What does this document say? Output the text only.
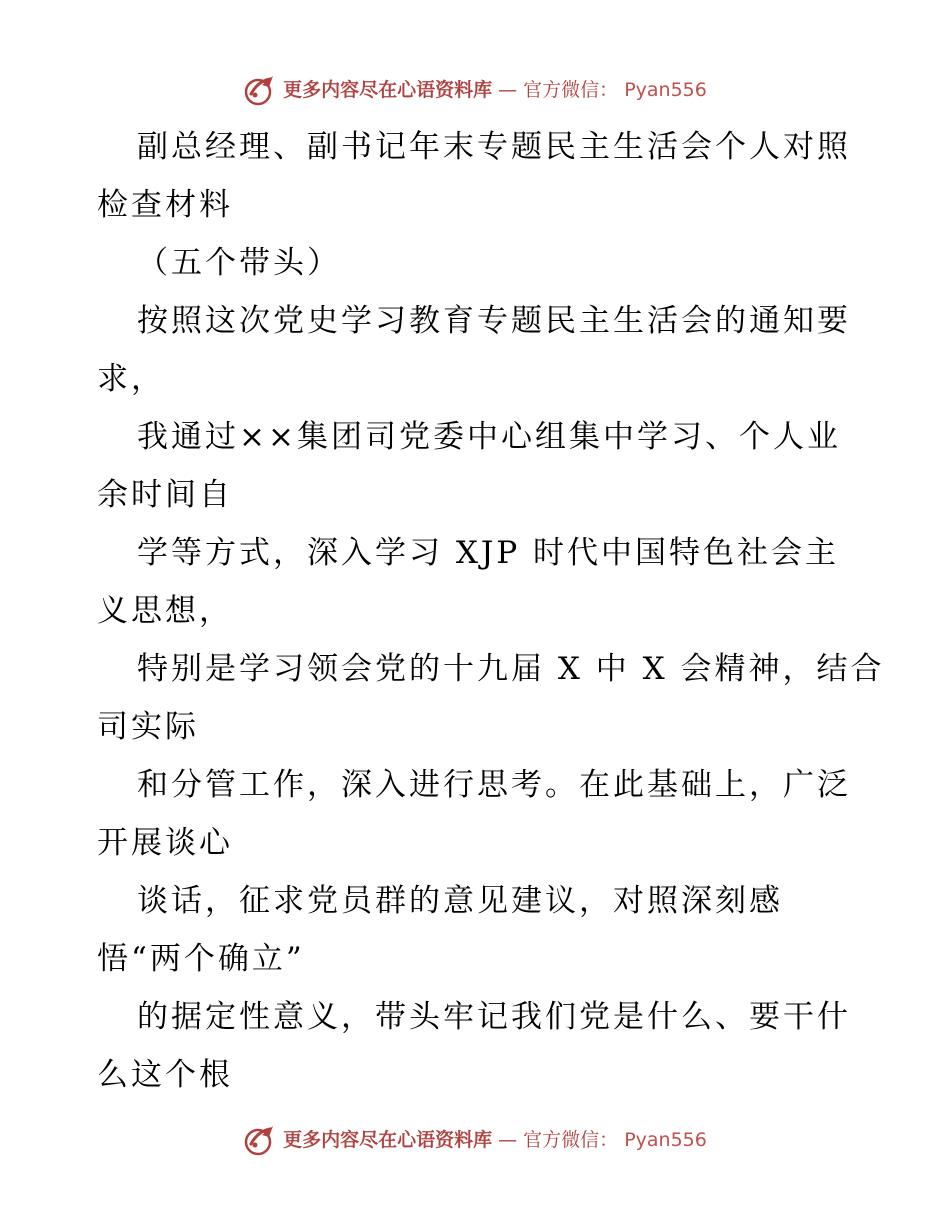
更多内容尽在心语资料库 — 官方微信： Pyan556

副总经理、副书记年末专题民主生活会个人对照

检查材料

（五个带头）

按照这次党史学习教育专题民主生活会的通知要

求，

我通过××集团司党委中心组集中学习、个人业

余时间自

学等方式，深入学习 XJP 时代中国特色社会主

义思想，

特别是学习领会党的十九届 X 中 X 会精神，结合

司实际

和分管工作，深入进行思考。在此基础上，广泛

开展谈心

谈话，征求党员群的意见建议，对照深刻感

悟“两个确立”

的据定性意义，带头牢记我们党是什么、要干什

么这个根

更多内容尽在心语资料库 — 官方微信： Pyan556
